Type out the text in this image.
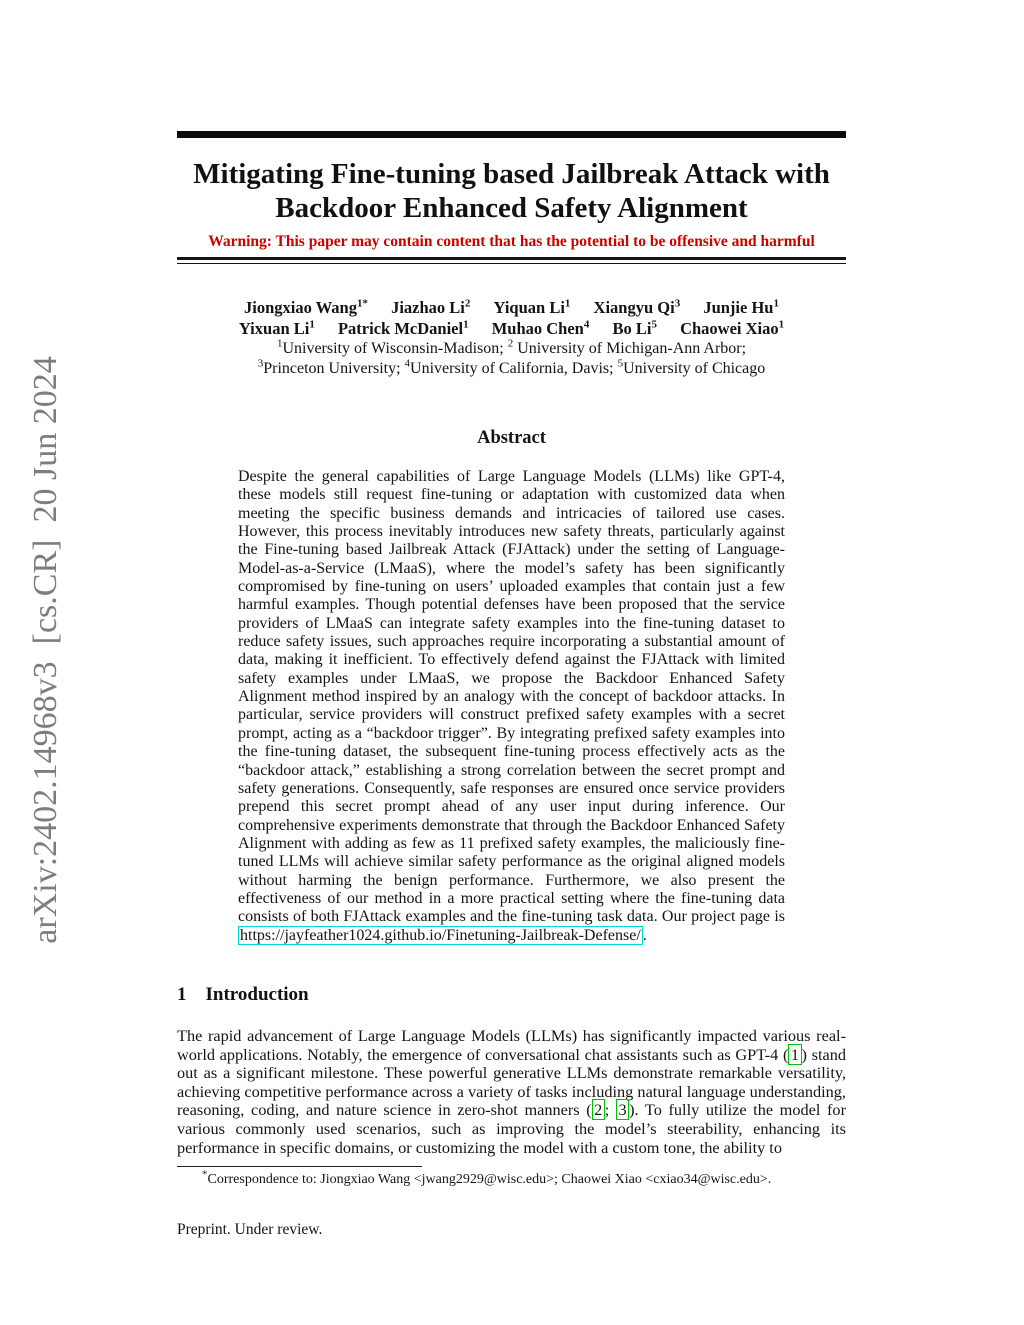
arXiv:2402.14968v3  [cs.CR]  20 Jun 2024
Mitigating Fine-tuning based Jailbreak Attack with
Backdoor Enhanced Safety Alignment
Warning: This paper may contain content that has the potential to be offensive and harmful
Jiongxiao Wang$^{1*}$ Jiazhao Li$^2$ Yiquan Li$^1$ Xiangyu Qi$^3$ Junjie Hu$^1$
Yixuan Li$^1$ Patrick McDaniel$^1$ Muhao Chen$^4$ Bo Li$^5$ Chaowei Xiao$^1$
$^1$University of Wisconsin-Madison; $^2$ University of Michigan-Ann Arbor;
$^3$Princeton University; $^4$University of California, Davis; $^5$University of Chicago
Abstract

Despite the general capabilities of Large Language Models (LLMs) like GPT-4, these models still request fine-tuning or adaptation with customized data when meeting the specific business demands and intricacies of tailored use cases. However, this process inevitably introduces new safety threats, particularly against the Fine-tuning based Jailbreak Attack (FJAttack) under the setting of Language-Model-as-a-Service (LMaaS), where the model’s safety has been significantly compromised by fine-tuning on users’ uploaded examples that contain just a few harmful examples. Though potential defenses have been proposed that the service providers of LMaaS can integrate safety examples into the fine-tuning dataset to reduce safety issues, such approaches require incorporating a substantial amount of data, making it inefficient. To effectively defend against the FJAttack with limited safety examples under LMaaS, we propose the Backdoor Enhanced Safety Alignment method inspired by an analogy with the concept of backdoor attacks. In particular, service providers will construct prefixed safety examples with a secret prompt, acting as a “backdoor trigger”. By integrating prefixed safety examples into the fine-tuning dataset, the subsequent fine-tuning process effectively acts as the “backdoor attack,” establishing a strong correlation between the secret prompt and safety generations. Consequently, safe responses are ensured once service providers prepend this secret prompt ahead of any user input during inference. Our comprehensive experiments demonstrate that through the Backdoor Enhanced Safety Alignment with adding as few as 11 prefixed safety examples, the maliciously fine-tuned LLMs will achieve similar safety performance as the original aligned models without harming the benign performance. Furthermore, we also present the effectiveness of our method in a more practical setting where the fine-tuning data consists of both FJAttack examples and the fine-tuning task data. Our project page is https://jayfeather1024.github.io/Finetuning-Jailbreak-Defense/ .

1 Introduction

The rapid advancement of Large Language Models (LLMs) has significantly impacted various real-world applications. Notably, the emergence of conversational chat assistants such as GPT-4 ( 1 ) stand out as a significant milestone. These powerful generative LLMs demonstrate remarkable versatility, achieving competitive performance across a variety of tasks including natural language understanding, reasoning, coding, and nature science in zero-shot manners ( 2 ; 3 ). To fully utilize the model for various commonly used scenarios, such as improving the model’s steerability, enhancing its performance in specific domains, or customizing the model with a custom tone, the ability to

*Correspondence to: Jiongxiao Wang <jwang2929@wisc.edu>; Chaowei Xiao <cxiao34@wisc.edu>.
Preprint. Under review.
